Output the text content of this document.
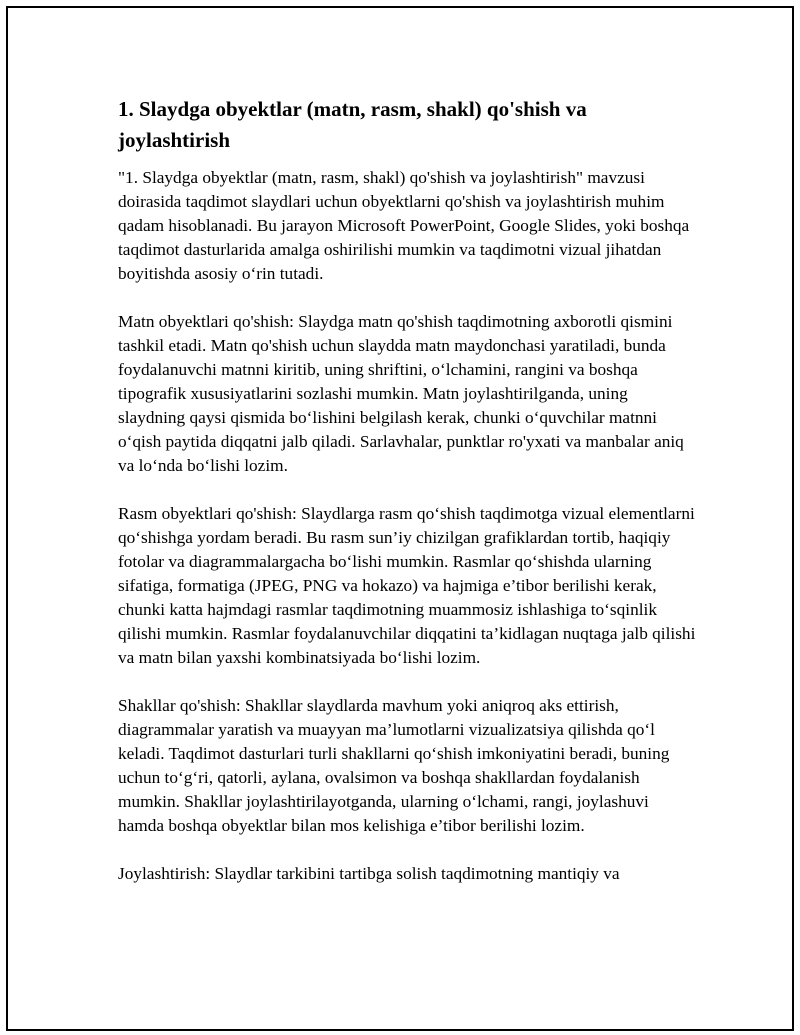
1. Slaydga obyektlar (matn, rasm, shakl) qo'shish va joylashtirish

"1. Slaydga obyektlar (matn, rasm, shakl) qo'shish va joylashtirish" mavzusi doirasida taqdimot slaydlari uchun obyektlarni qo'shish va joylashtirish muhim qadam hisoblanadi. Bu jarayon Microsoft PowerPoint, Google Slides, yoki boshqa taqdimot dasturlarida amalga oshirilishi mumkin va taqdimotni vizual jihatdan boyitishda asosiy o‘rin tutadi.

Matn obyektlari qo'shish: Slaydga matn qo'shish taqdimotning axborotli qismini tashkil etadi. Matn qo'shish uchun slaydda matn maydonchasi yaratiladi, bunda foydalanuvchi matnni kiritib, uning shriftini, o‘lchamini, rangini va boshqa tipografik xususiyatlarini sozlashi mumkin. Matn joylashtirilganda, uning slaydning qaysi qismida bo‘lishini belgilash kerak, chunki o‘quvchilar matnni o‘qish paytida diqqatni jalb qiladi. Sarlavhalar, punktlar ro'yxati va manbalar aniq va lo‘nda bo‘lishi lozim.

Rasm obyektlari qo'shish: Slaydlarga rasm qo‘shish taqdimotga vizual elementlarni qo‘shishga yordam beradi. Bu rasm sun’iy chizilgan grafiklardan tortib, haqiqiy fotolar va diagrammalargacha bo‘lishi mumkin. Rasmlar qo‘shishda ularning sifatiga, formatiga (JPEG, PNG va hokazo) va hajmiga e’tibor berilishi kerak, chunki katta hajmdagi rasmlar taqdimotning muammosiz ishlashiga to‘sqinlik qilishi mumkin. Rasmlar foydalanuvchilar diqqatini ta’kidlagan nuqtaga jalb qilishi va matn bilan yaxshi kombinatsiyada bo‘lishi lozim.

Shakllar qo'shish: Shakllar slaydlarda mavhum yoki aniqroq aks ettirish, diagrammalar yaratish va muayyan ma’lumotlarni vizualizatsiya qilishda qo‘l keladi. Taqdimot dasturlari turli shakllarni qo‘shish imkoniyatini beradi, buning uchun to‘g‘ri, qatorli, aylana, ovalsimon va boshqa shakllardan foydalanish mumkin. Shakllar joylashtirilayotganda, ularning o‘lchami, rangi, joylashuvi hamda boshqa obyektlar bilan mos kelishiga e’tibor berilishi lozim.

Joylashtirish: Slaydlar tarkibini tartibga solish taqdimotning mantiqiy va
